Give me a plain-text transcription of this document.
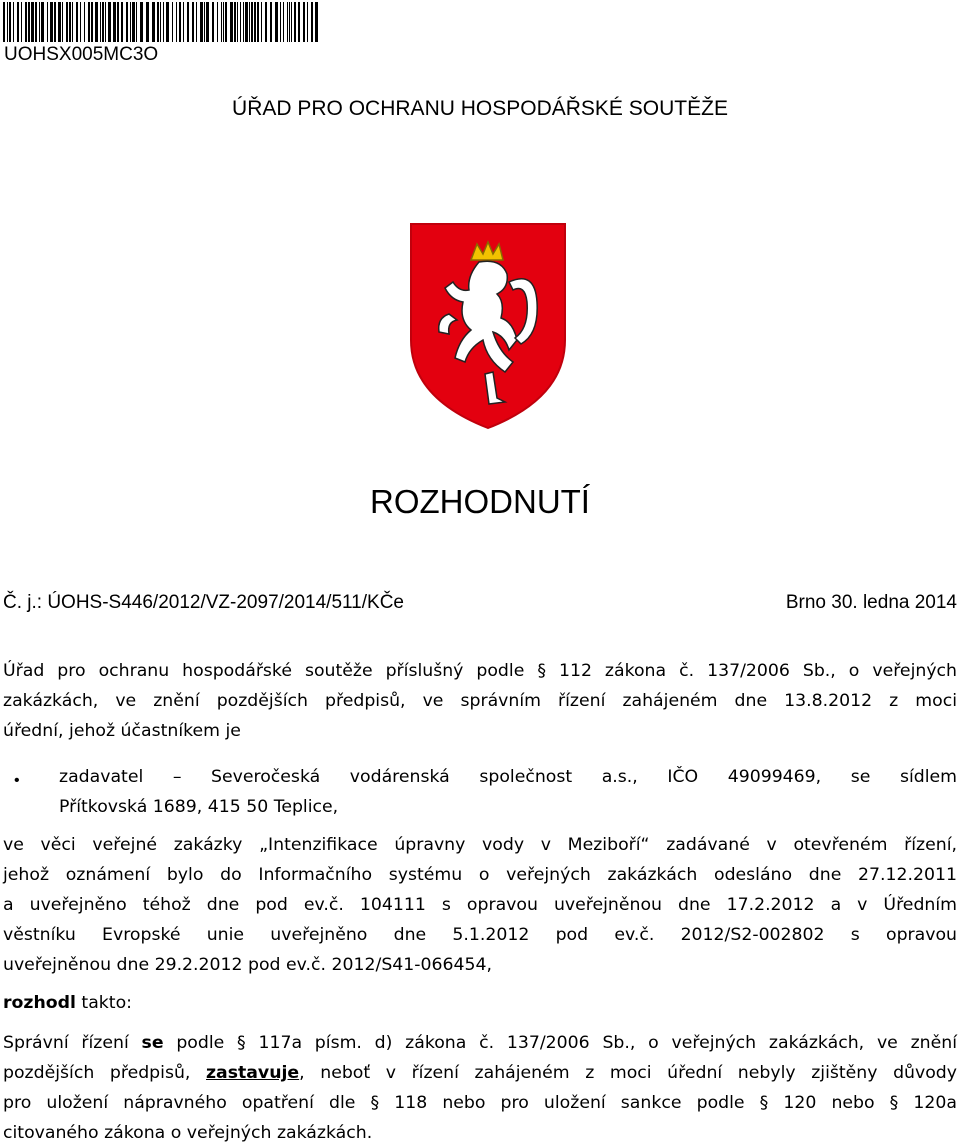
UOHSX005MC3O
ÚŘAD PRO OCHRANU HOSPODÁŘSKÉ SOUTĚŽE
ROZHODNUTÍ
Č. j.: ÚOHS-S446/2012/VZ-2097/2014/511/KČe	Brno 30. ledna 2014

Úřad pro ochranu hospodářské soutěže příslušný podle § 112 zákona č. 137/2006 Sb., o veřejných

zakázkách, ve znění pozdějších předpisů, ve správním řízení zahájeném dne 13.8.2012 z moci

úřední, jehož účastníkem je

• zadavatel – Severočeská vodárenská společnost a.s., IČO 49099469, se sídlem

Přítkovská 1689, 415 50 Teplice,

ve věci veřejné zakázky „Intenzifikace úpravny vody v Meziboří“ zadávané v otevřeném řízení,

jehož oznámení bylo do Informačního systému o veřejných zakázkách odesláno dne 27.12.2011

a uveřejněno téhož dne pod ev.č. 104111 s opravou uveřejněnou dne 17.2.2012 a v Úředním

věstníku Evropské unie uveřejněno dne 5.1.2012 pod ev.č. 2012/S2-002802 s opravou

uveřejněnou dne 29.2.2012 pod ev.č. 2012/S41-066454,

rozhodl takto:

Správní řízení se podle § 117a písm. d) zákona č. 137/2006 Sb., o veřejných zakázkách, ve znění

pozdějších předpisů, zastavuje, neboť v řízení zahájeném z moci úřední nebyly zjištěny důvody

pro uložení nápravného opatření dle § 118 nebo pro uložení sankce podle § 120 nebo § 120a

citovaného zákona o veřejných zakázkách.
